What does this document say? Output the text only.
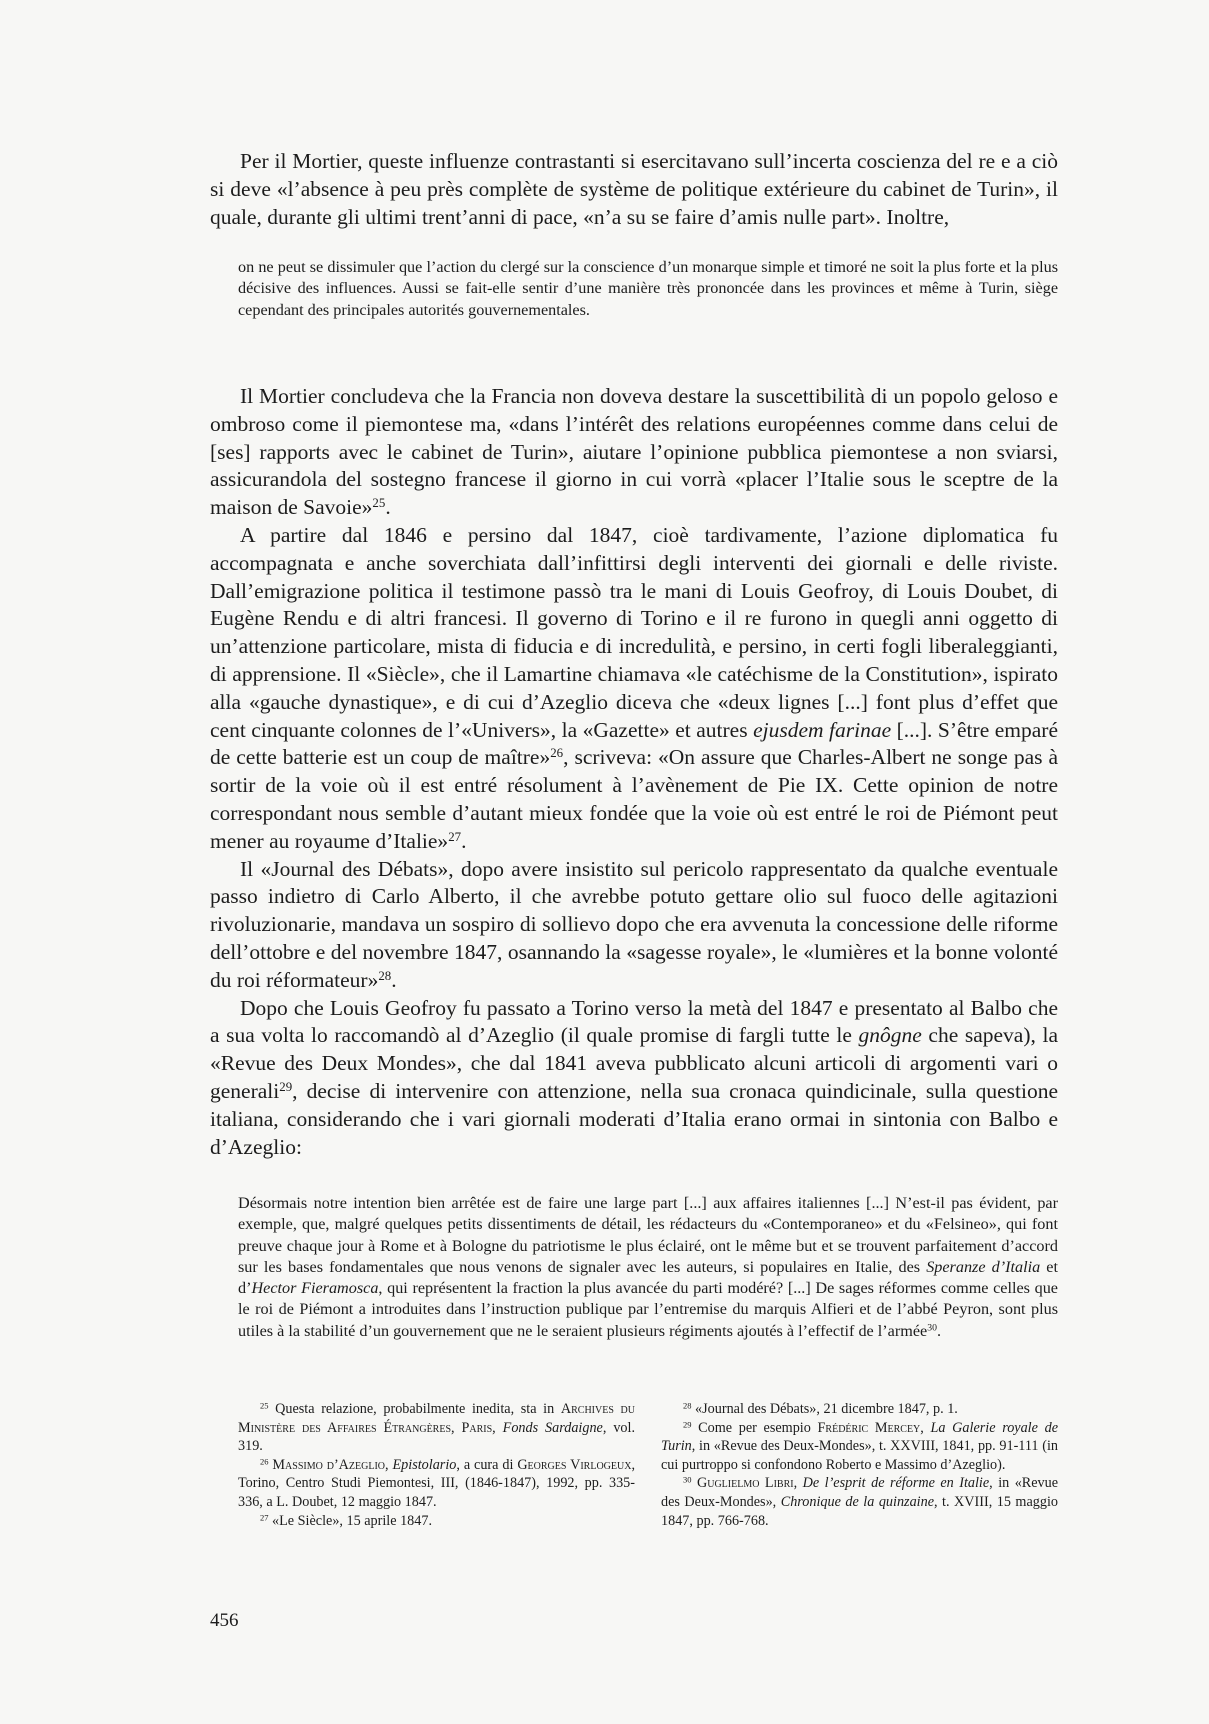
Per il Mortier, queste influenze contrastanti si esercitavano sull’incerta coscienza del re e a ciò si deve «l’absence à peu près complète de système de politique extérieure du cabinet de Turin», il quale, durante gli ultimi trent’anni di pace, «n’a su se faire d’amis nulle part». Inoltre,

on ne peut se dissimuler que l’action du clergé sur la conscience d’un monarque simple et timoré ne soit la plus forte et la plus décisive des influences. Aussi se fait-elle sentir d’une manière très prononcée dans les provinces et même à Turin, siège cependant des principales autorités gouvernementales.

Il Mortier concludeva che la Francia non doveva destare la suscettibilità di un popolo geloso e ombroso come il piemontese ma, «dans l’intérêt des relations européennes comme dans celui de [ses] rapports avec le cabinet de Turin», aiutare l’opinione pubblica piemontese a non sviarsi, assicurandola del sostegno francese il giorno in cui vorrà «placer l’Italie sous le sceptre de la maison de Savoie»$^{25}$.

A partire dal 1846 e persino dal 1847, cioè tardivamente, l’azione diplomatica fu accompagnata e anche soverchiata dall’infittirsi degli interventi dei giornali e delle riviste. Dall’emigrazione politica il testimone passò tra le mani di Louis Geofroy, di Louis Doubet, di Eugène Rendu e di altri francesi. Il governo di Torino e il re furono in quegli anni oggetto di un’attenzione particolare, mista di fiducia e di incredulità, e persino, in certi fogli liberaleggianti, di apprensione. Il «Siècle», che il Lamartine chiamava «le catéchisme de la Constitution», ispirato alla «gauche dynastique», e di cui d’Azeglio diceva che «deux lignes [...] font plus d’effet que cent cinquante colonnes de l’«Univers», la «Gazette» et autres ejusdem farinae [...]. S’être emparé de cette batterie est un coup de maître»$^{26}$, scriveva: «On assure que Charles-Albert ne songe pas à sortir de la voie où il est entré résolument à l’avènement de Pie IX. Cette opinion de notre correspondant nous semble d’autant mieux fondée que la voie où est entré le roi de Piémont peut mener au royaume d’Italie»$^{27}$.

Il «Journal des Débats», dopo avere insistito sul pericolo rappresentato da qualche eventuale passo indietro di Carlo Alberto, il che avrebbe potuto gettare olio sul fuoco delle agitazioni rivoluzionarie, mandava un sospiro di sollievo dopo che era avvenuta la concessione delle riforme dell’ottobre e del novembre 1847, osannando la «sagesse royale», le «lumières et la bonne volonté du roi réformateur»$^{28}$.

Dopo che Louis Geofroy fu passato a Torino verso la metà del 1847 e presentato al Balbo che a sua volta lo raccomandò al d’Azeglio (il quale promise di fargli tutte le gnôgne che sapeva), la «Revue des Deux Mondes», che dal 1841 aveva pubblicato alcuni articoli di argomenti vari o generali$^{29}$, decise di intervenire con attenzione, nella sua cronaca quindicinale, sulla questione italiana, considerando che i vari giornali moderati d’Italia erano ormai in sintonia con Balbo e d’Azeglio:

Désormais notre intention bien arrêtée est de faire une large part [...] aux affaires italiennes [...] N’est-il pas évident, par exemple, que, malgré quelques petits dissentiments de détail, les rédacteurs du «Contemporaneo» et du «Felsineo», qui font preuve chaque jour à Rome et à Bologne du patriotisme le plus éclairé, ont le même but et se trouvent parfaitement d’accord sur les bases fondamentales que nous venons de signaler avec les auteurs, si populaires en Italie, des Speranze d’Italia et d’Hector Fieramosca, qui représentent la fraction la plus avancée du parti modéré? [...] De sages réformes comme celles que le roi de Piémont a introduites dans l’instruction publique par l’entremise du marquis Alfieri et de l’abbé Peyron, sont plus utiles à la stabilité d’un gouvernement que ne le seraient plusieurs régiments ajoutés à l’effectif de l’armée$^{30}$.

$^{25}$ Questa relazione, probabilmente inedita, sta in Archives du Ministère des Affaires Étrangères, Paris, Fonds Sardaigne, vol. 319.

$^{26}$ Massimo d’Azeglio, Epistolario, a cura di Georges Virlogeux, Torino, Centro Studi Piemontesi, III, (1846-1847), 1992, pp. 335-336, a L. Doubet, 12 maggio 1847.

$^{27}$ «Le Siècle», 15 aprile 1847.

$^{28}$ «Journal des Débats», 21 dicembre 1847, p. 1.

$^{29}$ Come per esempio Frédéric Mercey, La Galerie royale de Turin, in «Revue des Deux-Mondes», t. XXVIII, 1841, pp. 91-111 (in cui purtroppo si confondono Roberto e Massimo d’Azeglio).

$^{30}$ Guglielmo Libri, De l’esprit de réforme en Italie, in «Revue des Deux-Mondes», Chronique de la quinzaine, t. XVIII, 15 maggio 1847, pp. 766-768.

456
